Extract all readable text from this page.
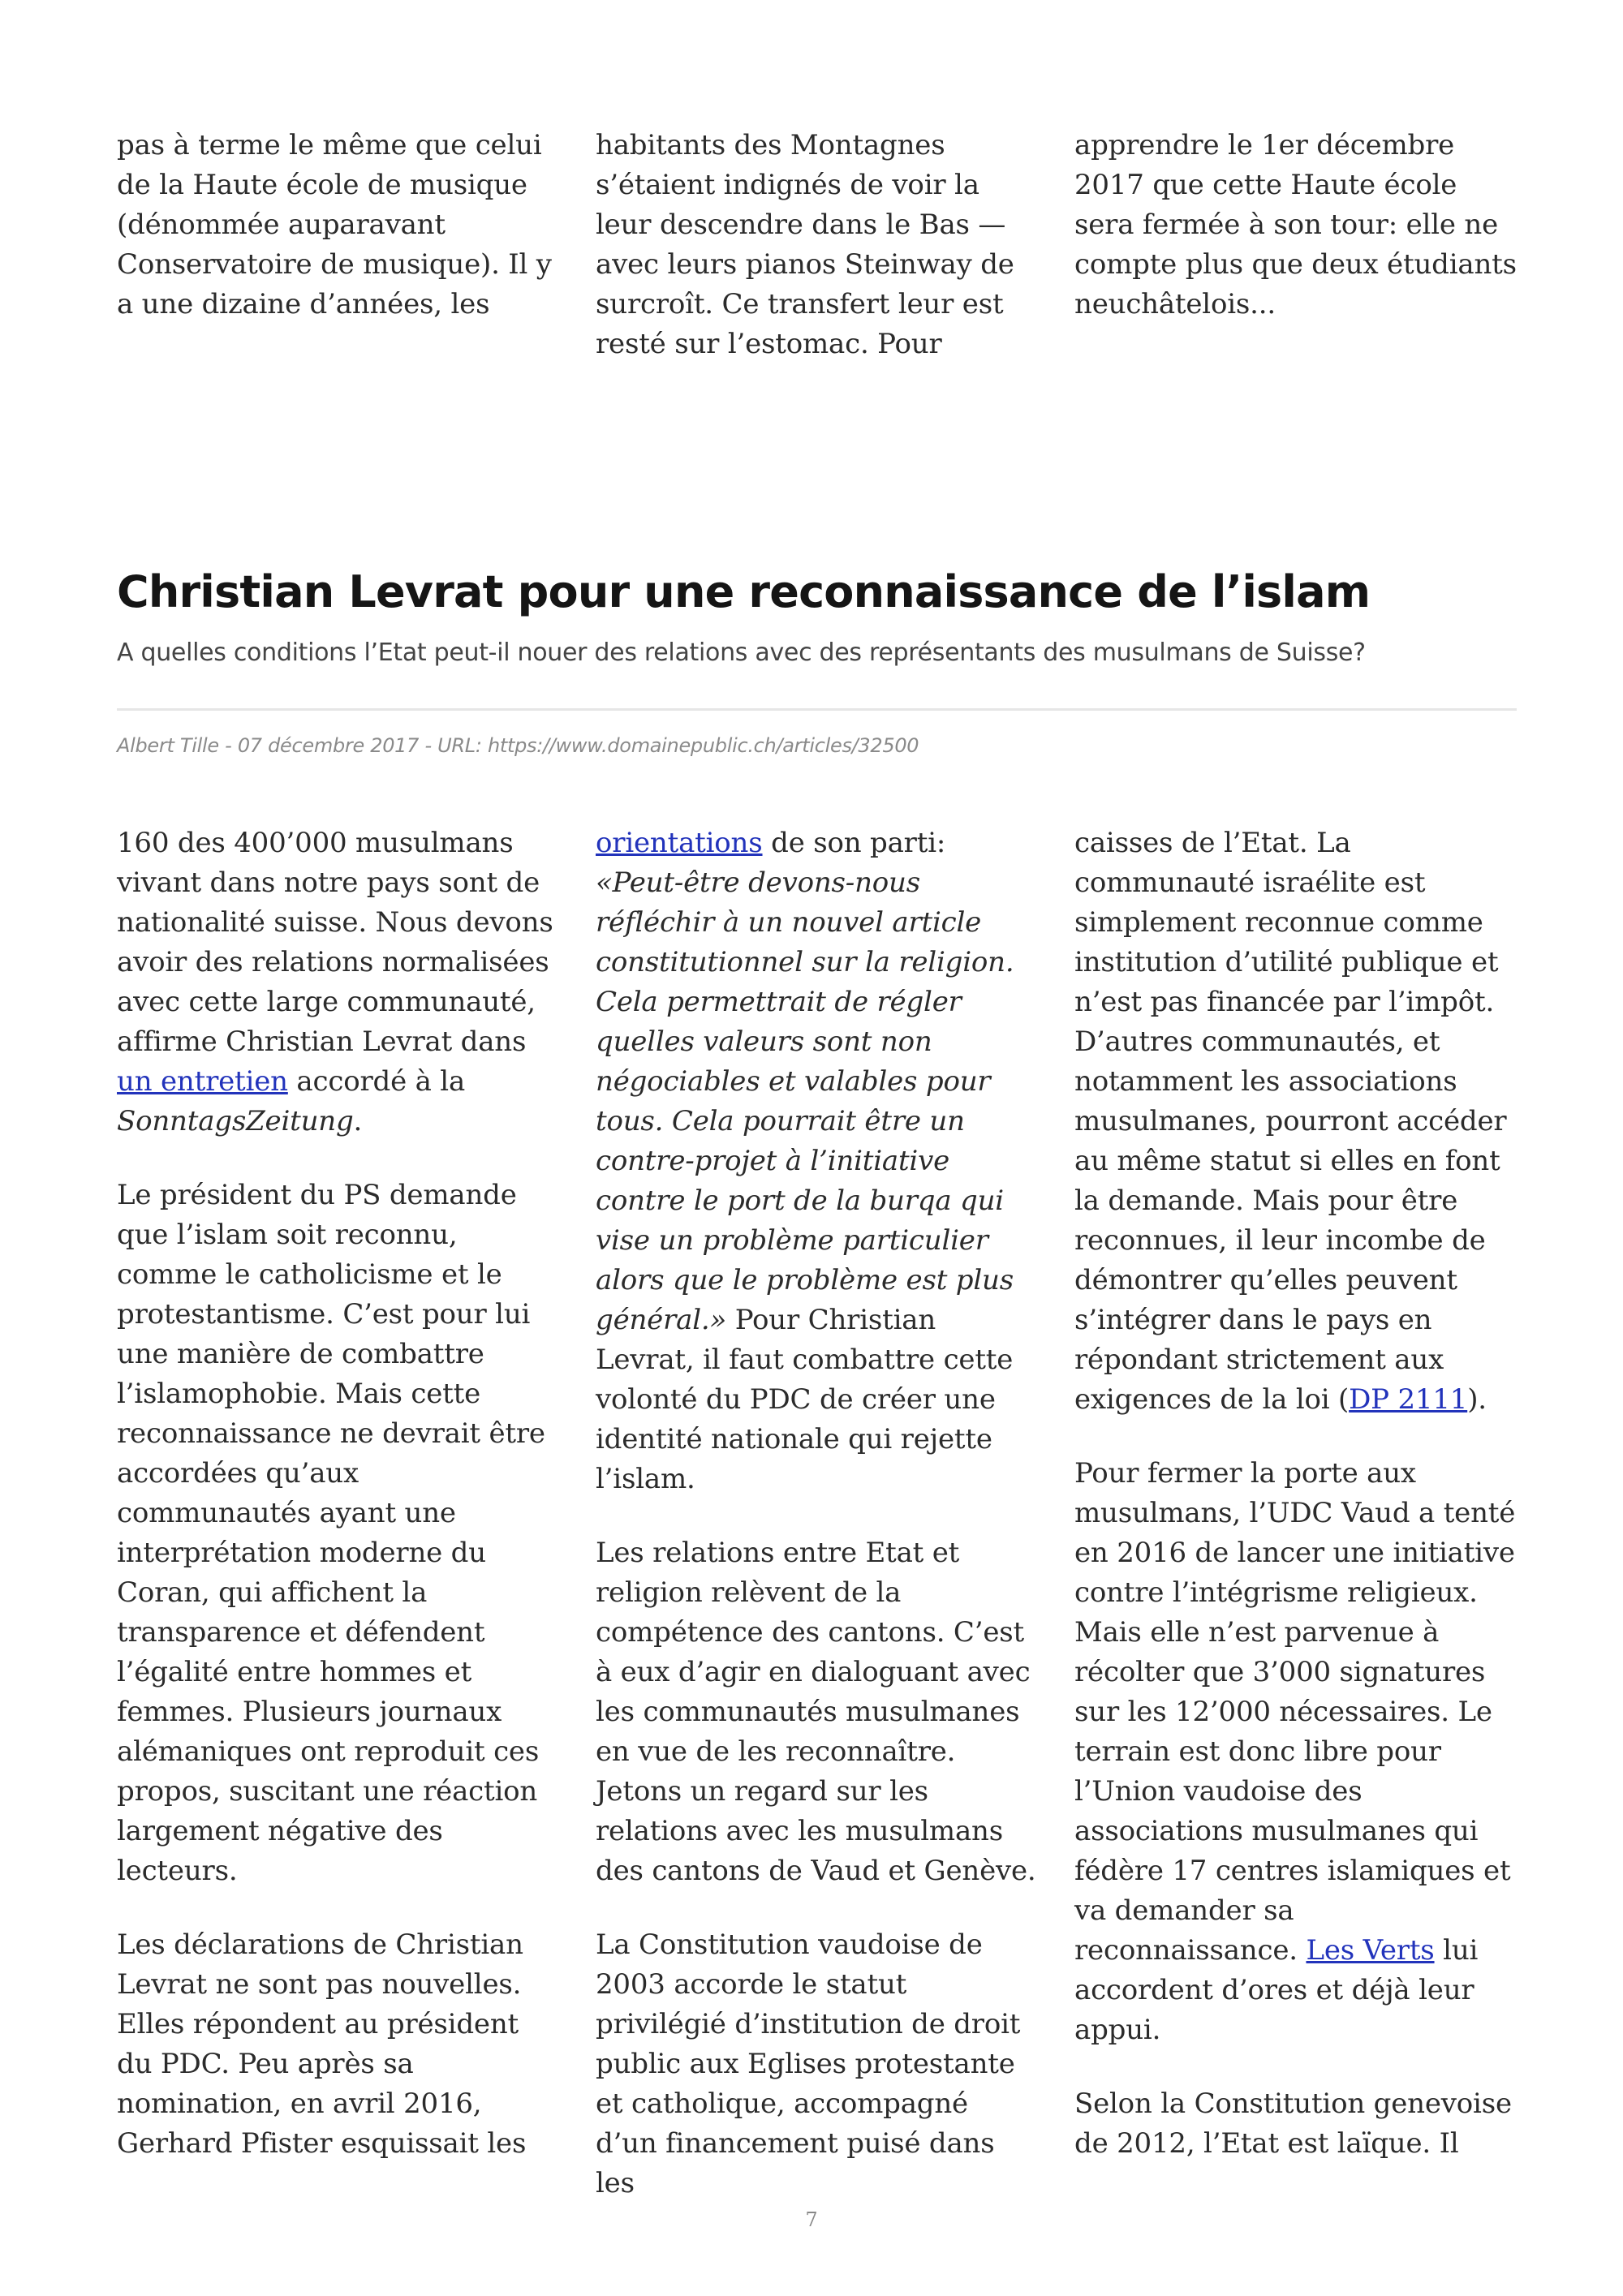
pas à terme le même que celui de la Haute école de musique (dénommée auparavant Conservatoire de musique). Il y a une dizaine d’années, les

habitants des Montagnes s’étaient indignés de voir la leur descendre dans le Bas — avec leurs pianos Steinway de surcroît. Ce transfert leur est resté sur l’estomac. Pour

apprendre le 1er décembre 2017 que cette Haute école sera fermée à son tour: elle ne compte plus que deux étudiants neuchâtelois...

Christian Levrat pour une reconnaissance de l’islam

A quelles conditions l’Etat peut-il nouer des relations avec des représentants des musulmans de Suisse?

Albert Tille - 07 décembre 2017 - URL: https://www.domainepublic.ch/articles/32500

160 des 400’000 musulmans vivant dans notre pays sont de nationalité suisse. Nous devons avoir des relations normalisées avec cette large communauté, affirme Christian Levrat dans un entretien accordé à la SonntagsZeitung.

Le président du PS demande que l’islam soit reconnu, comme le catholicisme et le protestantisme. C’est pour lui une manière de combattre l’islamophobie. Mais cette reconnaissance ne devrait être accordées qu’aux communautés ayant une interprétation moderne du Coran, qui affichent la transparence et défendent l’égalité entre hommes et femmes. Plusieurs journaux alémaniques ont reproduit ces propos, suscitant une réaction largement négative des lecteurs.

Les déclarations de Christian Levrat ne sont pas nouvelles. Elles répondent au président du PDC. Peu après sa nomination, en avril 2016, Gerhard Pfister esquissait les

orientations de son parti: «Peut-être devons-nous réfléchir à un nouvel article constitutionnel sur la religion. Cela permettrait de régler quelles valeurs sont non négociables et valables pour tous. Cela pourrait être un contre-projet à l’initiative contre le port de la burqa qui vise un problème particulier alors que le problème est plus général.» Pour Christian Levrat, il faut combattre cette volonté du PDC de créer une identité nationale qui rejette l’islam.

Les relations entre Etat et religion relèvent de la compétence des cantons. C’est à eux d’agir en dialoguant avec les communautés musulmanes en vue de les reconnaître. Jetons un regard sur les relations avec les musulmans des cantons de Vaud et Genève.

La Constitution vaudoise de 2003 accorde le statut privilégié d’institution de droit public aux Eglises protestante et catholique, accompagné d’un financement puisé dans les

caisses de l’Etat. La communauté israélite est simplement reconnue comme institution d’utilité publique et n’est pas financée par l’impôt. D’autres communautés, et notamment les associations musulmanes, pourront accéder au même statut si elles en font la demande. Mais pour être reconnues, il leur incombe de démontrer qu’elles peuvent s’intégrer dans le pays en répondant strictement aux exigences de la loi (DP 2111).

Pour fermer la porte aux musulmans, l’UDC Vaud a tenté en 2016 de lancer une initiative contre l’intégrisme religieux. Mais elle n’est parvenue à récolter que 3’000 signatures sur les 12’000 nécessaires. Le terrain est donc libre pour l’Union vaudoise des associations musulmanes qui fédère 17 centres islamiques et va demander sa reconnaissance. Les Verts lui accordent d’ores et déjà leur appui.

Selon la Constitution genevoise de 2012, l’Etat est laïque. Il

7
